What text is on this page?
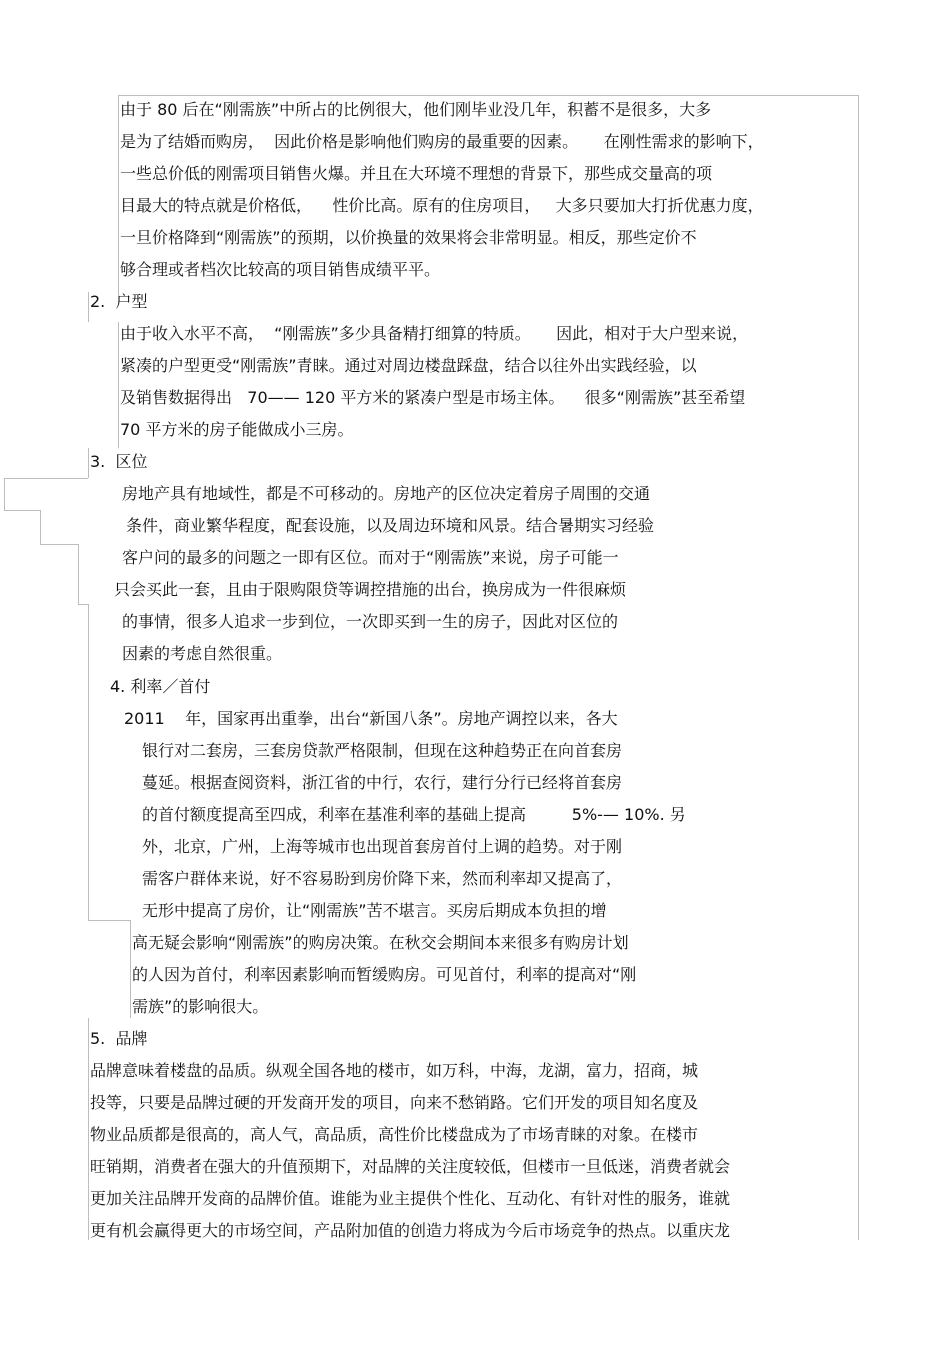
由于 80 后在“刚需族”中所占的比例很大，他们刚毕业没几年，积蓄不是很多，大多
是为了结婚而购房，  因此价格是影响他们购房的最重要的因素。     在刚性需求的影响下，
一些总价低的刚需项目销售火爆。并且在大环境不理想的背景下，那些成交量高的项
目最大的特点就是价格低，    性价比高。原有的住房项目，   大多只要加大打折优惠力度，
一旦价格降到“刚需族”的预期，以价换量的效果将会非常明显。相反，那些定价不
够合理或者档次比较高的项目销售成绩平平。
2.  户型
由于收入水平不高，  “刚需族”多少具备精打细算的特质。     因此，相对于大户型来说，
紧凑的户型更受“刚需族”青睐。通过对周边楼盘踩盘，结合以往外出实践经验，以
及销售数据得出   70—— 120 平方米的紧凑户型是市场主体。    很多“刚需族”甚至希望
70 平方米的房子能做成小三房。
3.  区位
房地产具有地域性，都是不可移动的。房地产的区位决定着房子周围的交通
条件，商业繁华程度，配套设施，以及周边环境和风景。结合暑期实习经验
客户问的最多的问题之一即有区位。而对于“刚需族”来说，房子可能一
只会买此一套，且由于限购限贷等调控措施的出台，换房成为一件很麻烦
的事情，很多人追求一步到位，一次即买到一生的房子，因此对区位的
因素的考虑自然很重。
4. 利率／首付
2011    年，国家再出重拳，出台“新国八条”。房地产调控以来，各大
银行对二套房，三套房贷款严格限制，但现在这种趋势正在向首套房
蔓延。根据查阅资料，浙江省的中行，农行，建行分行已经将首套房
的首付额度提高至四成，利率在基准利率的基础上提高         5%-— 10%. 另
外，北京，广州，上海等城市也出现首套房首付上调的趋势。对于刚
需客户群体来说，好不容易盼到房价降下来，然而利率却又提高了，
无形中提高了房价，让“刚需族”苦不堪言。买房后期成本负担的增
高无疑会影响“刚需族”的购房决策。在秋交会期间本来很多有购房计划
的人因为首付，利率因素影响而暂缓购房。可见首付，利率的提高对“刚
需族”的影响很大。
5.  品牌
品牌意味着楼盘的品质。纵观全国各地的楼市，如万科，中海，龙湖，富力，招商，城
投等，只要是品牌过硬的开发商开发的项目，向来不愁销路。它们开发的项目知名度及
物业品质都是很高的，高人气，高品质，高性价比楼盘成为了市场青睐的对象。在楼市
旺销期，消费者在强大的升值预期下，对品牌的关注度较低，但楼市一旦低迷，消费者就会
更加关注品牌开发商的品牌价值。谁能为业主提供个性化、互动化、有针对性的服务，谁就
更有机会赢得更大的市场空间，产品附加值的创造力将成为今后市场竞争的热点。以重庆龙
